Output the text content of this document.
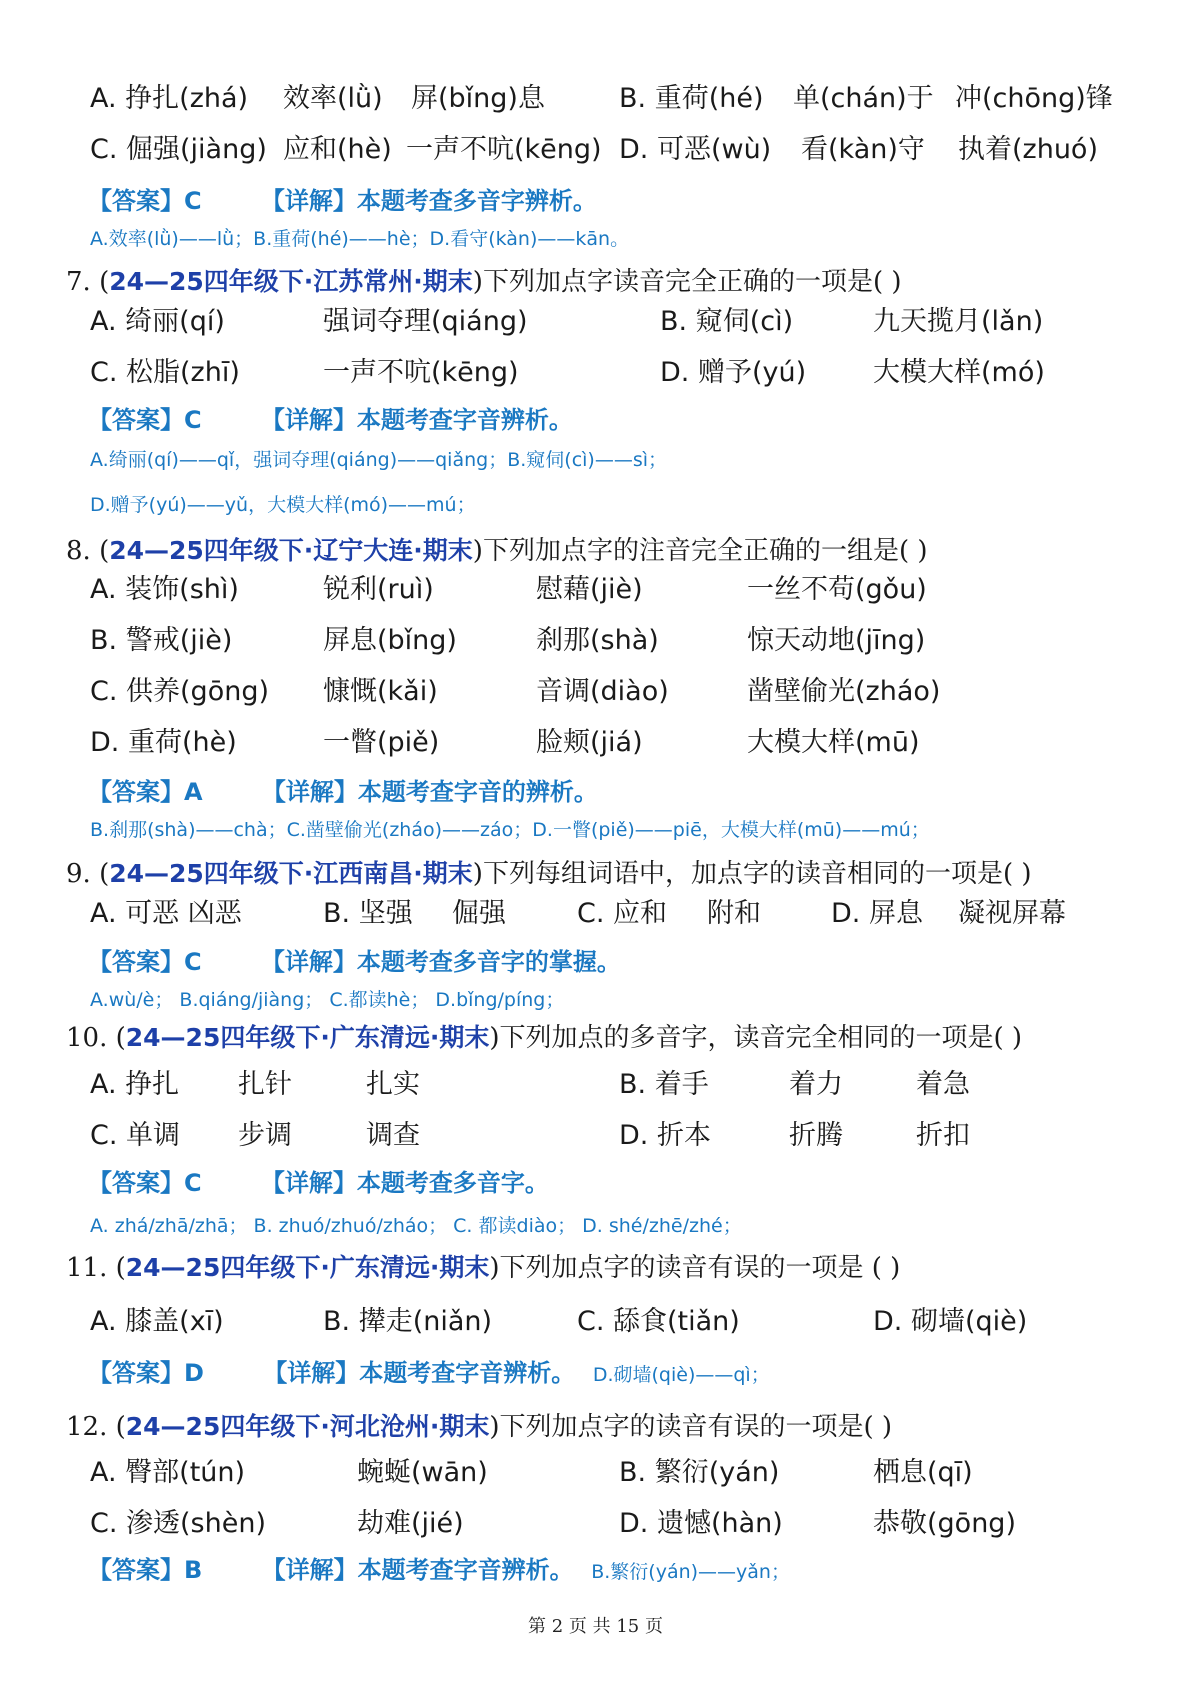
A. 挣扎(zhá) 效率(lǜ) 屏(bǐng)息	B. 重荷(hé) 单(chán)于 冲(chōng)锋
C. 倔强(jiàng) 应和(hè) 一声不吭(kēng) D. 可恶(wù) 看(kàn)守 执着(zhuó)
【答案】C 【详解】本题考查多音字辨析。
A.效率(lǜ)——lǜ；B.重荷(hé)——hè；D.看守(kàn)——kān。
7. (24—25四年级下·江苏常州·期末)下列加点字读音完全正确的一项是( )
A. 绮丽(qí)	强词夺理(qiáng)	B. 窥伺(cì)	九天揽月(lǎn)
C. 松脂(zhī)	一声不吭(kēng)	D. 赠予(yú) 大模大样(mó)
【答案】C 【详解】本题考查字音辨析。
A.绮丽(qí)——qǐ，强词夺理(qiáng)——qiǎng；B.窥伺(cì)——sì；
D.赠予(yú)——yǔ，大模大样(mó)——mú；
8. (24—25四年级下·辽宁大连·期末)下列加点字的注音完全正确的一组是( )
A. 装饰(shì)	锐利(ruì)	慰藉(jiè)	一丝不苟(gǒu)
B. 警戒(jiè)	屏息(bǐng)	刹那(shà)	惊天动地(jīng)
C. 供养(gōng) 慷慨(kǎi)	音调(diào)	凿壁偷光(zháo)
D. 重荷(hè)	一瞥(piě)	脸颊(jiá)	大模大样(mū)
【答案】A 【详解】本题考查字音的辨析。
B.刹那(shà)——chà；C.凿壁偷光(zháo)——záo；D.一瞥(piě)——piē，大模大样(mū)——mú；
9. (24—25四年级下·江西南昌·期末)下列每组词语中，加点字的读音相同的一项是( )
A. 可恶 凶恶	B. 坚强 倔强	C. 应和 附和	D. 屏息 凝视屏幕
【答案】C 【详解】本题考查多音字的掌握。
A.wù/è； B.qiáng/jiàng； C.都读hè； D.bǐng/píng；
10. (24—25四年级下·广东清远·期末)下列加点的多音字，读音完全相同的一项是( )
A. 挣扎 扎针	扎实	B. 着手	着力	着急
C. 单调 步调	调查	D. 折本	折腾	折扣
【答案】C 【详解】本题考查多音字。
A. zhá/zhā/zhā； B. zhuó/zhuó/zháo； C. 都读diào； D. shé/zhē/zhé；
11. (24—25四年级下·广东清远·期末)下列加点字的读音有误的一项是 ( )
A. 膝盖(xī)	B. 撵走(niǎn)	C. 舔食(tiǎn)	D. 砌墙(qiè)
【答案】D 【详解】本题考查字音辨析。 D.砌墙(qiè)——qì；
12. (24—25四年级下·河北沧州·期末)下列加点字的读音有误的一项是( )
A. 臀部(tún)	蜿蜒(wān)	B. 繁衍(yán)	栖息(qī)
C. 渗透(shèn)	劫难(jié)	D. 遗憾(hàn)	恭敬(gōng)
【答案】B 【详解】本题考查字音辨析。 B.繁衍(yán)——yǎn；
第 2 页 共 15 页
